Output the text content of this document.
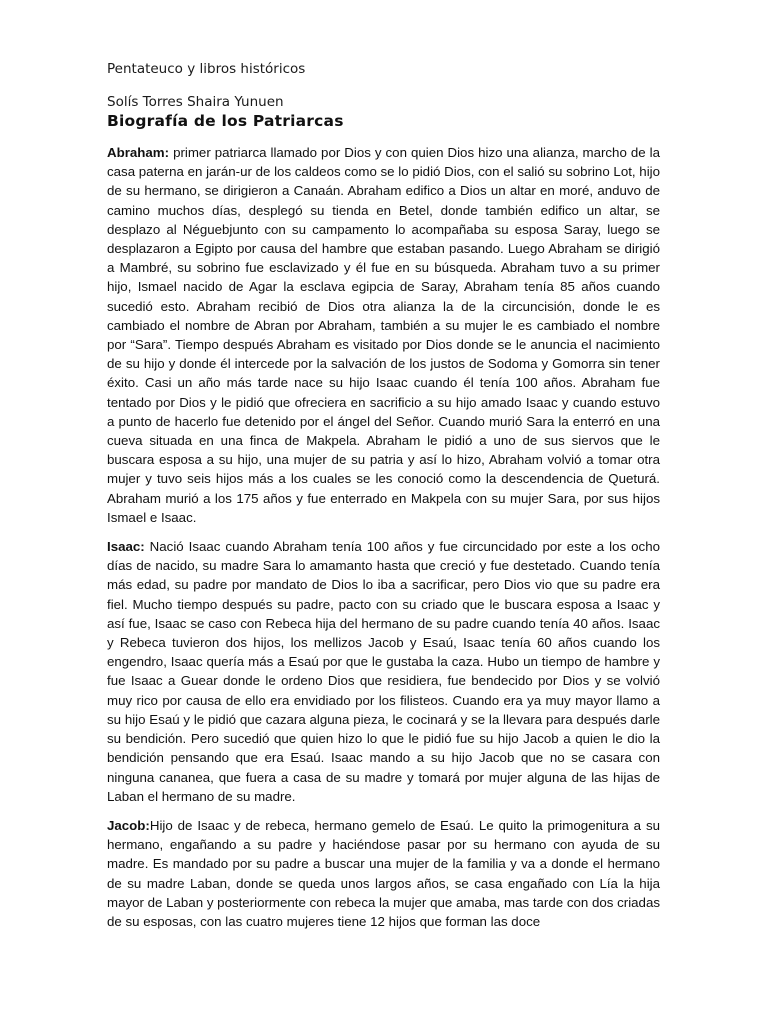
Pentateuco y libros históricos

Solís Torres Shaira Yunuen

Biografía de los Patriarcas

Abraham: primer patriarca llamado por Dios y con quien Dios hizo una alianza, marcho de la casa paterna en jarán-ur de los caldeos como se lo pidió Dios, con el salió su sobrino Lot, hijo de su hermano, se dirigieron a Canaán. Abraham edifico a Dios un altar en moré, anduvo de camino muchos días, desplegó su tienda en Betel, donde también edifico un altar, se desplazo al Néguebjunto con su campamento lo acompañaba su esposa Saray, luego se desplazaron a Egipto por causa del hambre que estaban pasando. Luego Abraham se dirigió a Mambré, su sobrino fue esclavizado y él fue en su búsqueda. Abraham tuvo a su primer hijo, Ismael nacido de Agar la esclava egipcia de Saray, Abraham tenía 85 años cuando sucedió esto. Abraham recibió de Dios otra alianza la de la circuncisión, donde le es cambiado el nombre de Abran por Abraham, también a su mujer le es cambiado el nombre por “Sara”. Tiempo después Abraham es visitado por Dios donde se le anuncia el nacimiento de su hijo y donde él intercede por la salvación de los justos de Sodoma y Gomorra sin tener éxito. Casi un año más tarde nace su hijo Isaac cuando él tenía 100 años. Abraham fue tentado por Dios y le pidió que ofreciera en sacrificio a su hijo amado Isaac y cuando estuvo a punto de hacerlo fue detenido por el ángel del Señor. Cuando murió Sara la enterró en una cueva situada en una finca de Makpela. Abraham le pidió a uno de sus siervos que le buscara esposa a su hijo, una mujer de su patria y así lo hizo, Abraham volvió a tomar otra mujer y tuvo seis hijos más a los cuales se les conoció como la descendencia de Queturá. Abraham murió a los 175 años y fue enterrado en Makpela con su mujer Sara, por sus hijos Ismael e Isaac.

Isaac: Nació Isaac cuando Abraham tenía 100 años y fue circuncidado por este a los ocho días de nacido, su madre Sara lo amamanto hasta que creció y fue destetado. Cuando tenía más edad, su padre por mandato de Dios lo iba a sacrificar, pero Dios vio que su padre era fiel. Mucho tiempo después su padre, pacto con su criado que le buscara esposa a Isaac y así fue, Isaac se caso con Rebeca hija del hermano de su padre cuando tenía 40 años. Isaac y Rebeca tuvieron dos hijos, los mellizos Jacob y Esaú, Isaac tenía 60 años cuando los engendro, Isaac quería más a Esaú por que le gustaba la caza. Hubo un tiempo de hambre y fue Isaac a Guear donde le ordeno Dios que residiera, fue bendecido por Dios y se volvió muy rico por causa de ello era envidiado por los filisteos. Cuando era ya muy mayor llamo a su hijo Esaú y le pidió que cazara alguna pieza, le cocinará y se la llevara para después darle su bendición. Pero sucedió que quien hizo lo que le pidió fue su hijo Jacob a quien le dio la bendición pensando que era Esaú. Isaac mando a su hijo Jacob que no se casara con ninguna cananea, que fuera a casa de su madre y tomará por mujer alguna de las hijas de Laban el hermano de su madre.

Jacob:Hijo de Isaac y de rebeca, hermano gemelo de Esaú. Le quito la primogenitura a su hermano, engañando a su padre y haciéndose pasar por su hermano con ayuda de su madre. Es mandado por su padre a buscar una mujer de la familia y va a donde el hermano de su madre Laban, donde se queda unos largos años, se casa engañado con Lía la hija mayor de Laban y posteriormente con rebeca la mujer que amaba, mas tarde con dos criadas de su esposas, con las cuatro mujeres tiene 12 hijos que forman las doce
